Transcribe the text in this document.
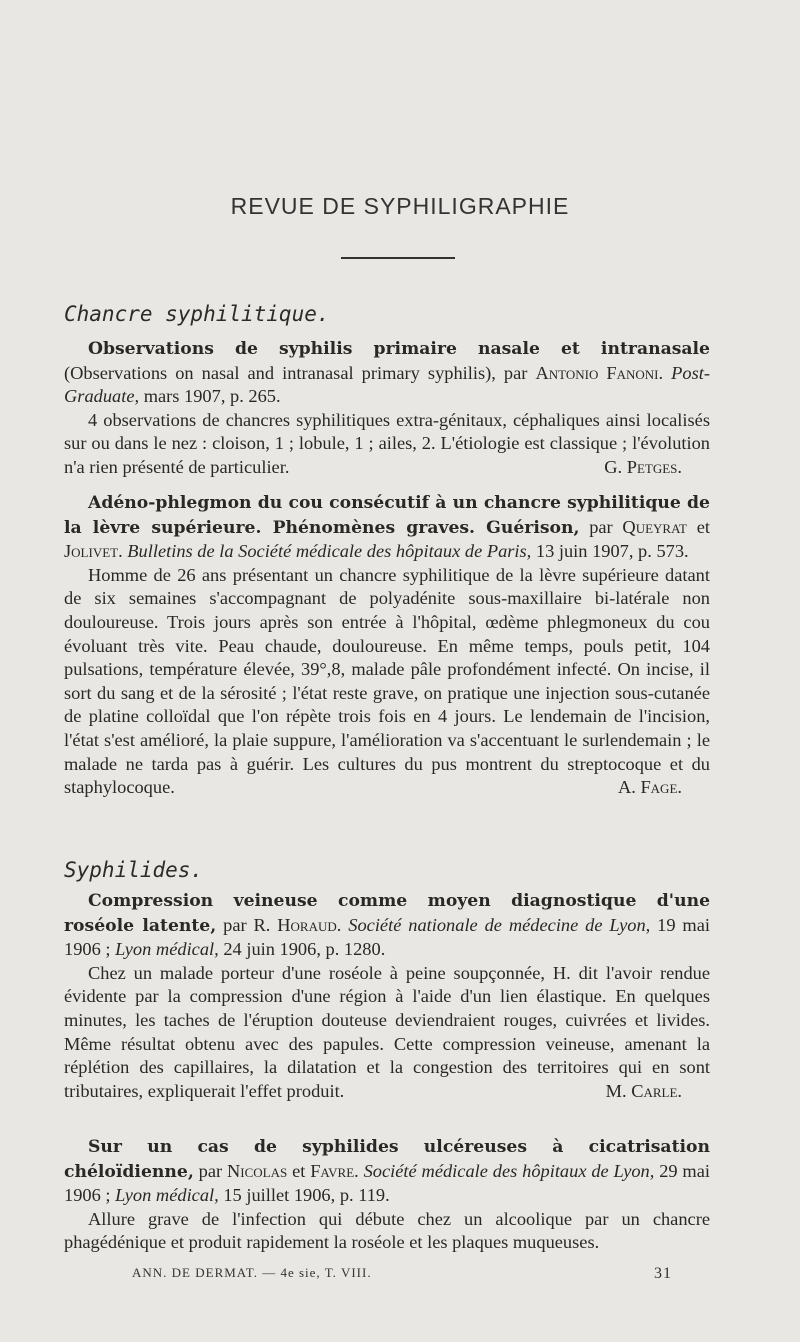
REVUE DE SYPHILIGRAPHIE

Chancre syphilitique.

Observations de syphilis primaire nasale et intranasale (Observations on nasal and intranasal primary syphilis), par Antonio Fanoni. Post-Graduate, mars 1907, p. 265.

4 observations de chancres syphilitiques extra-génitaux, céphaliques ainsi localisés sur ou dans le nez : cloison, 1 ; lobule, 1 ; ailes, 2. L'étiologie est classique ; l'évolution n'a rien présenté de particulier.	G. Petges.

Adéno-phlegmon du cou consécutif à un chancre syphilitique de la lèvre supérieure. Phénomènes graves. Guérison, par Queyrat et Jolivet. Bulletins de la Société médicale des hôpitaux de Paris, 13 juin 1907, p. 573.

Homme de 26 ans présentant un chancre syphilitique de la lèvre supérieure datant de six semaines s'accompagnant de polyadénite sous-maxillaire bi-latérale non douloureuse. Trois jours après son entrée à l'hôpital, œdème phlegmoneux du cou évoluant très vite. Peau chaude, douloureuse. En même temps, pouls petit, 104 pulsations, température élevée, 39°,8, malade pâle profondément infecté. On incise, il sort du sang et de la sérosité ; l'état reste grave, on pratique une injection sous-cutanée de platine colloïdal que l'on répète trois fois en 4 jours. Le lendemain de l'incision, l'état s'est amélioré, la plaie suppure, l'amélioration va s'accentuant le surlendemain ; le malade ne tarda pas à guérir. Les cultures du pus montrent du streptocoque et du staphylocoque.	A. Fage.

Syphilides.

Compression veineuse comme moyen diagnostique d'une roséole latente, par R. Horaud. Société nationale de médecine de Lyon, 19 mai 1906 ; Lyon médical, 24 juin 1906, p. 1280.

Chez un malade porteur d'une roséole à peine soupçonnée, H. dit l'avoir rendue évidente par la compression d'une région à l'aide d'un lien élastique. En quelques minutes, les taches de l'éruption douteuse deviendraient rouges, cuivrées et livides. Même résultat obtenu avec des papules. Cette compression veineuse, amenant la réplétion des capillaires, la dilatation et la congestion des territoires qui en sont tributaires, expliquerait l'effet produit.	M. Carle.

Sur un cas de syphilides ulcéreuses à cicatrisation chéloïdienne, par Nicolas et Favre. Société médicale des hôpitaux de Lyon, 29 mai 1906 ; Lyon médical, 15 juillet 1906, p. 119.

Allure grave de l'infection qui débute chez un alcoolique par un chancre phagédénique et produit rapidement la roséole et les plaques muqueuses.

ANN. DE DERMAT. — 4e sie, T. VIII.	31
